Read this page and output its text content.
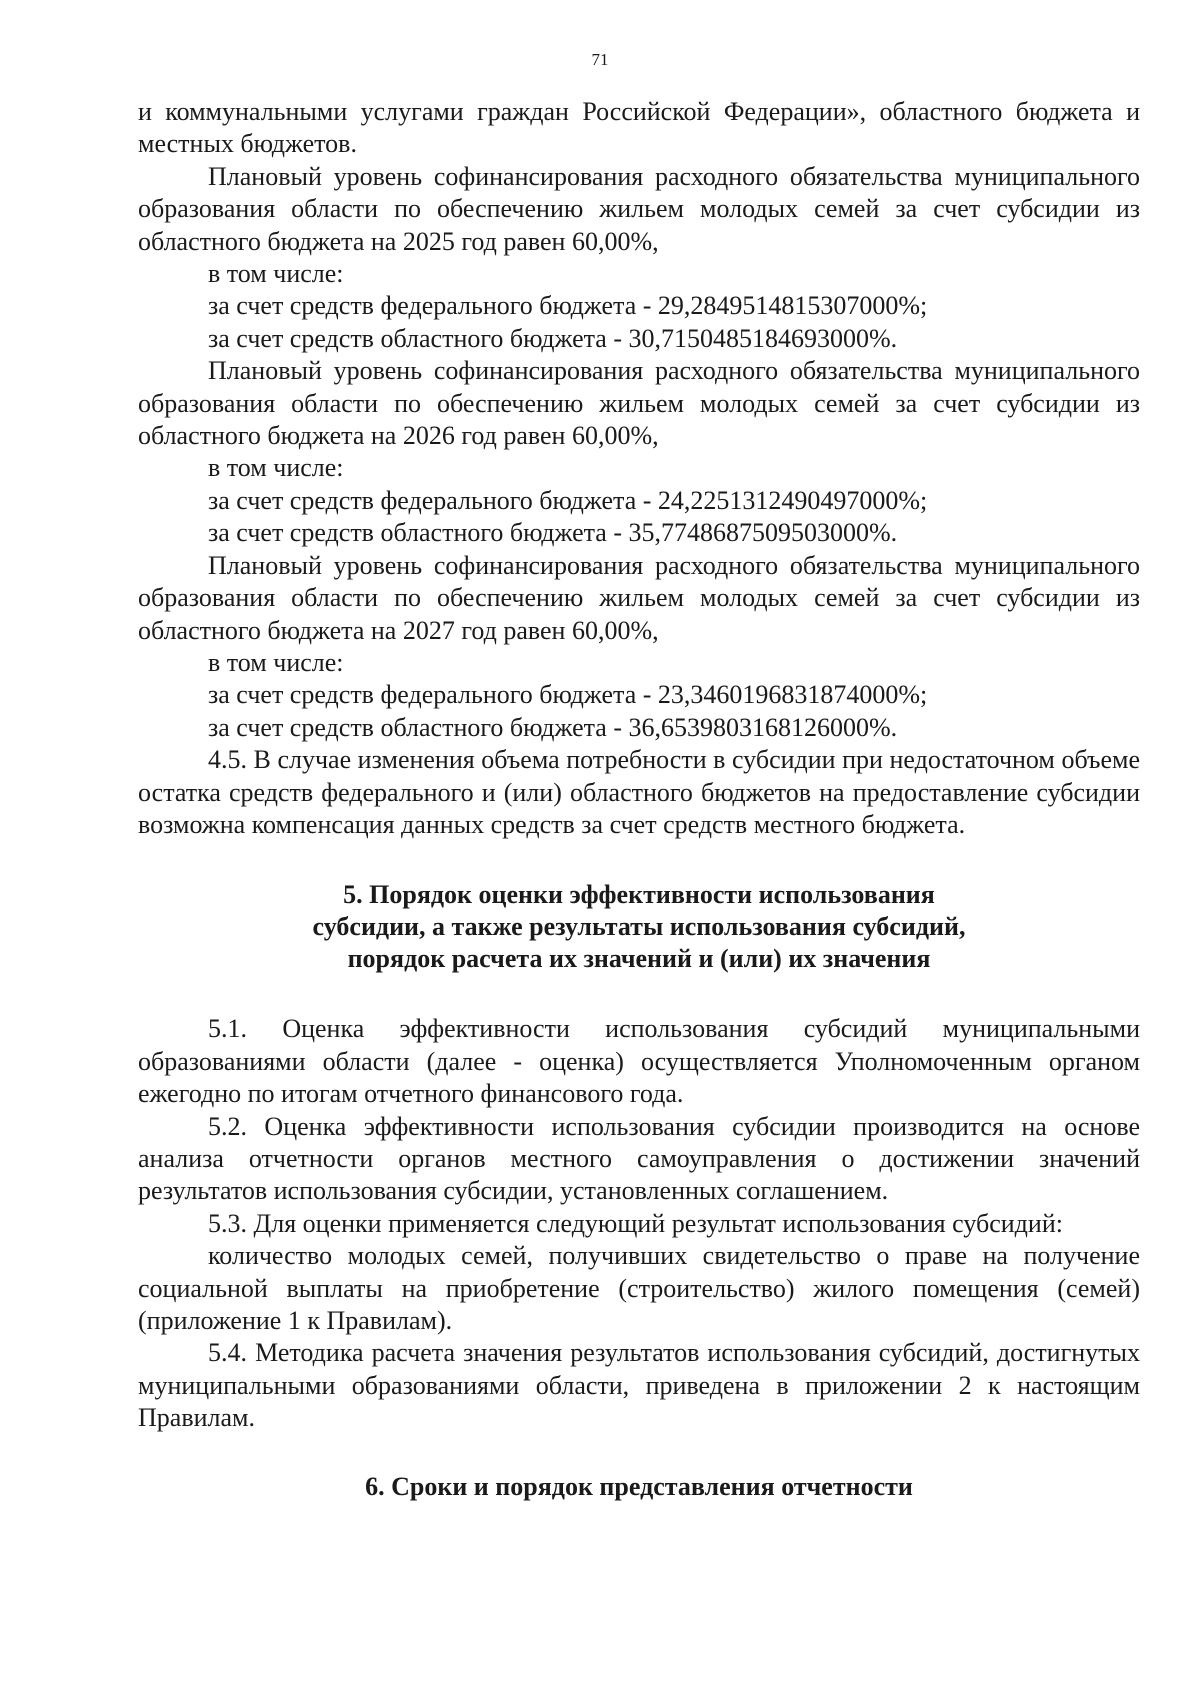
71

и коммунальными услугами граждан Российской Федерации», областного бюджета и местных бюджетов.

Плановый уровень софинансирования расходного обязательства муниципального образования области по обеспечению жильем молодых семей за счет субсидии из областного бюджета на 2025 год равен 60,00%,

в том числе:

за счет средств федерального бюджета - 29,2849514815307000%;

за счет средств областного бюджета - 30,7150485184693000%.

Плановый уровень софинансирования расходного обязательства муниципального образования области по обеспечению жильем молодых семей за счет субсидии из областного бюджета на 2026 год равен 60,00%,

в том числе:

за счет средств федерального бюджета - 24,2251312490497000%;

за счет средств областного бюджета - 35,7748687509503000%.

Плановый уровень софинансирования расходного обязательства муниципального образования области по обеспечению жильем молодых семей за счет субсидии из областного бюджета на 2027 год равен 60,00%,

в том числе:

за счет средств федерального бюджета - 23,3460196831874000%;

за счет средств областного бюджета - 36,6539803168126000%.

4.5. В случае изменения объема потребности в субсидии при недостаточном объеме остатка средств федерального и (или) областного бюджетов на предоставление субсидии возможна компенсация данных средств за счет средств местного бюджета.

5. Порядок оценки эффективности использования
субсидии, а также результаты использования субсидий,
порядок расчета их значений и (или) их значения

5.1. Оценка эффективности использования субсидий муниципальными образованиями области (далее - оценка) осуществляется Уполномоченным органом ежегодно по итогам отчетного финансового года.

5.2. Оценка эффективности использования субсидии производится на основе анализа отчетности органов местного самоуправления о достижении значений результатов использования субсидии, установленных соглашением.

5.3. Для оценки применяется следующий результат использования субсидий:

количество молодых семей, получивших свидетельство о праве на получение социальной выплаты на приобретение (строительство) жилого помещения (семей) (приложение 1 к Правилам).

5.4. Методика расчета значения результатов использования субсидий, достигнутых муниципальными образованиями области, приведена в приложении 2 к настоящим Правилам.

6. Сроки и порядок представления отчетности
